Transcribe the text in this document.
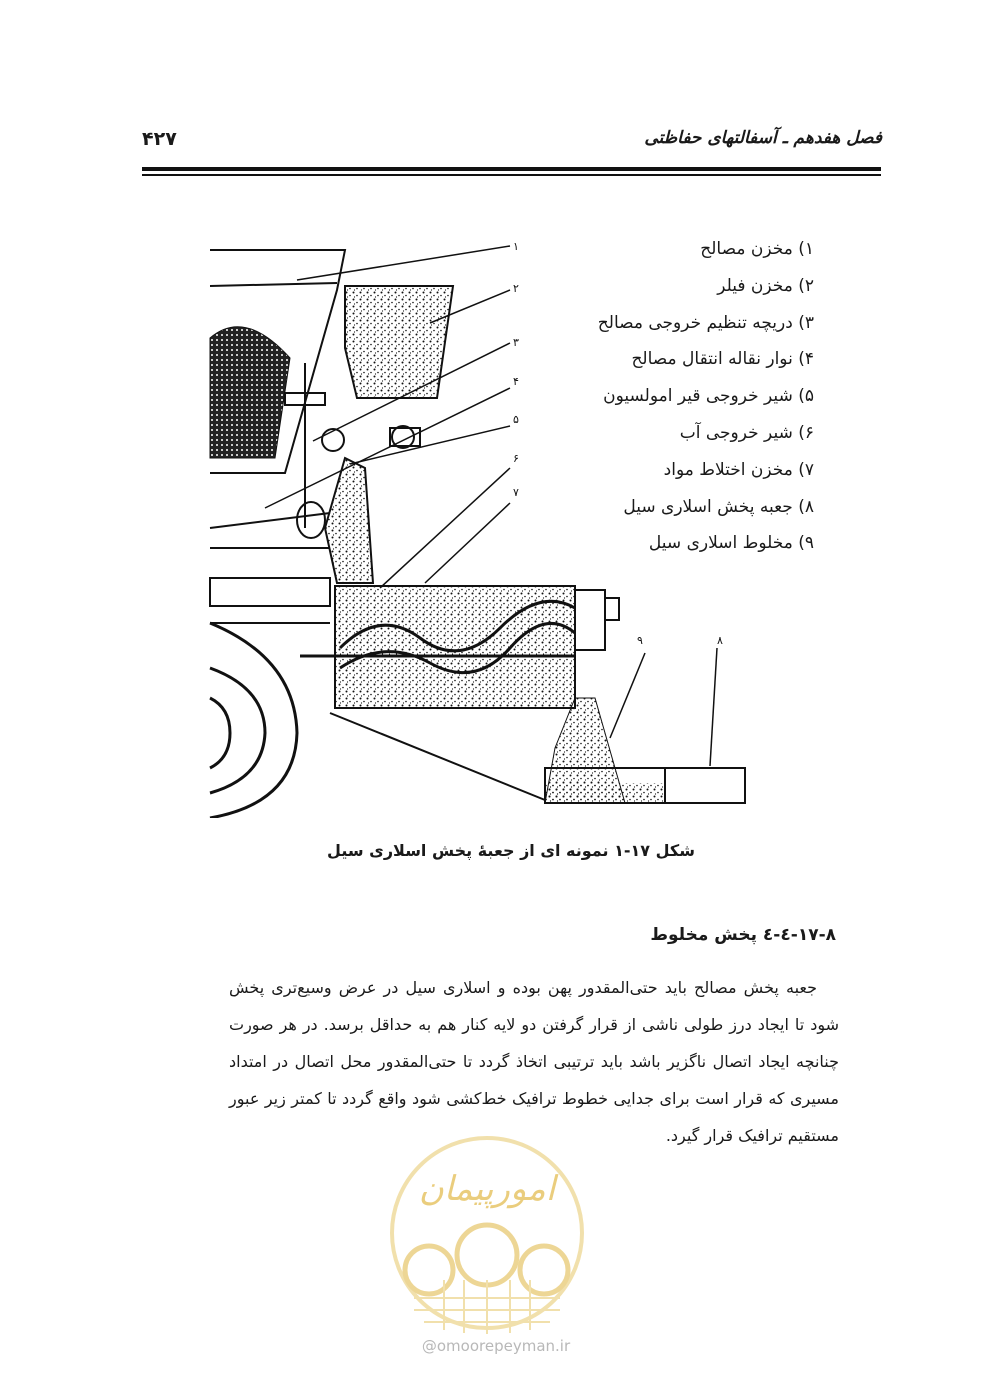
فصل هفدهم ـ آسفالتهای حفاظتی
۴۲۷
۱
۲
۳
۴
۵
۶
۷
۹	۸
۱) مخزن مصالح
۲) مخزن فیلر
۳) دریچه تنظیم خروجی مصالح
۴) نوار نقاله انتقال مصالح
۵) شیر خروجی قیر امولسیون
۶) شیر خروجی آب
۷) مخزن اختلاط مواد
۸) جعبه پخش اسلاری سیل
۹) مخلوط اسلاری سیل
شکل ۱۷-۱ نمونه ای از جعبهٔ پخش اسلاری سیل
۱۷-۸-٤-٤ پخش مخلوط
جعبه پخش مصالح باید حتی‌المقدور پهن بوده و اسلاری سیل در عرض وسیع‌تری پخش شود تا ایجاد درز طولی ناشی از قرار گرفتن دو لایه کنار هم به حداقل برسد. در هر صورت چنانچه ایجاد اتصال ناگزیر باشد باید ترتیبی اتخاذ گردد تا حتی‌المقدور محل اتصال در امتداد مسیری که قرار است برای جدایی خطوط ترافیک خط‌کشی شود واقع گردد تا کمتر زیر عبور مستقیم ترافیک قرار گیرد.
امورپیمان
@omoorepeyman.ir
